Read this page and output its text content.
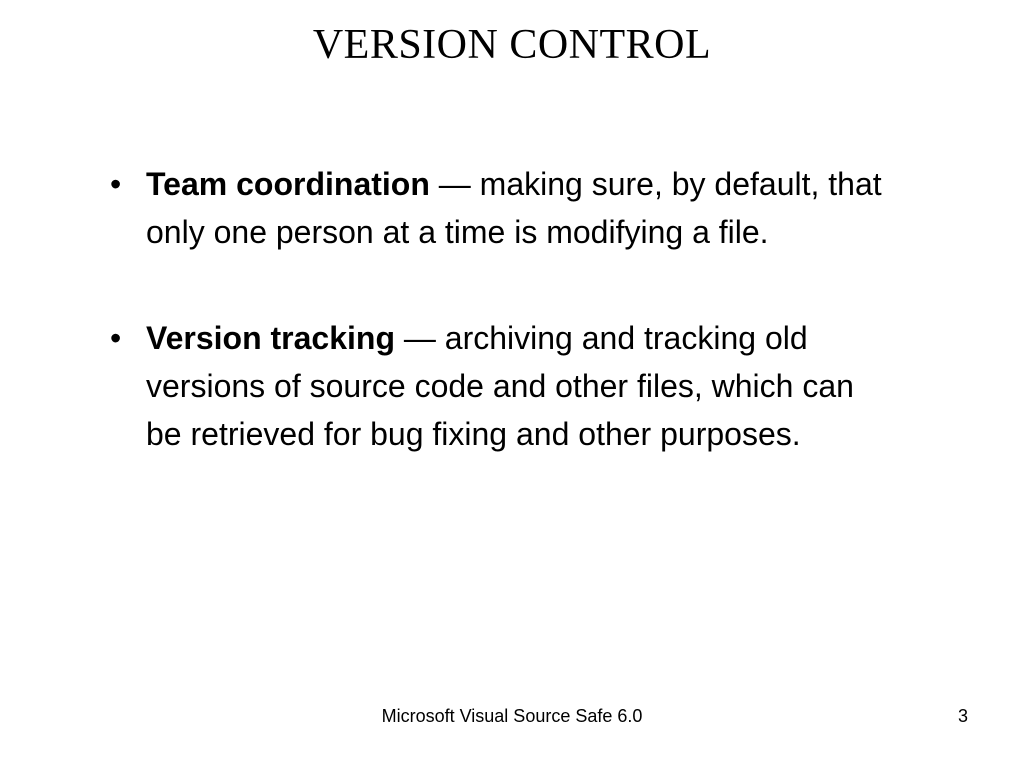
VERSION CONTROL
• Team coordination — making sure, by default, that only one person at a time is modifying a file.
• Version tracking — archiving and tracking old versions of source code and other files, which can be retrieved for bug fixing and other purposes.
Microsoft Visual Source Safe 6.0	3
